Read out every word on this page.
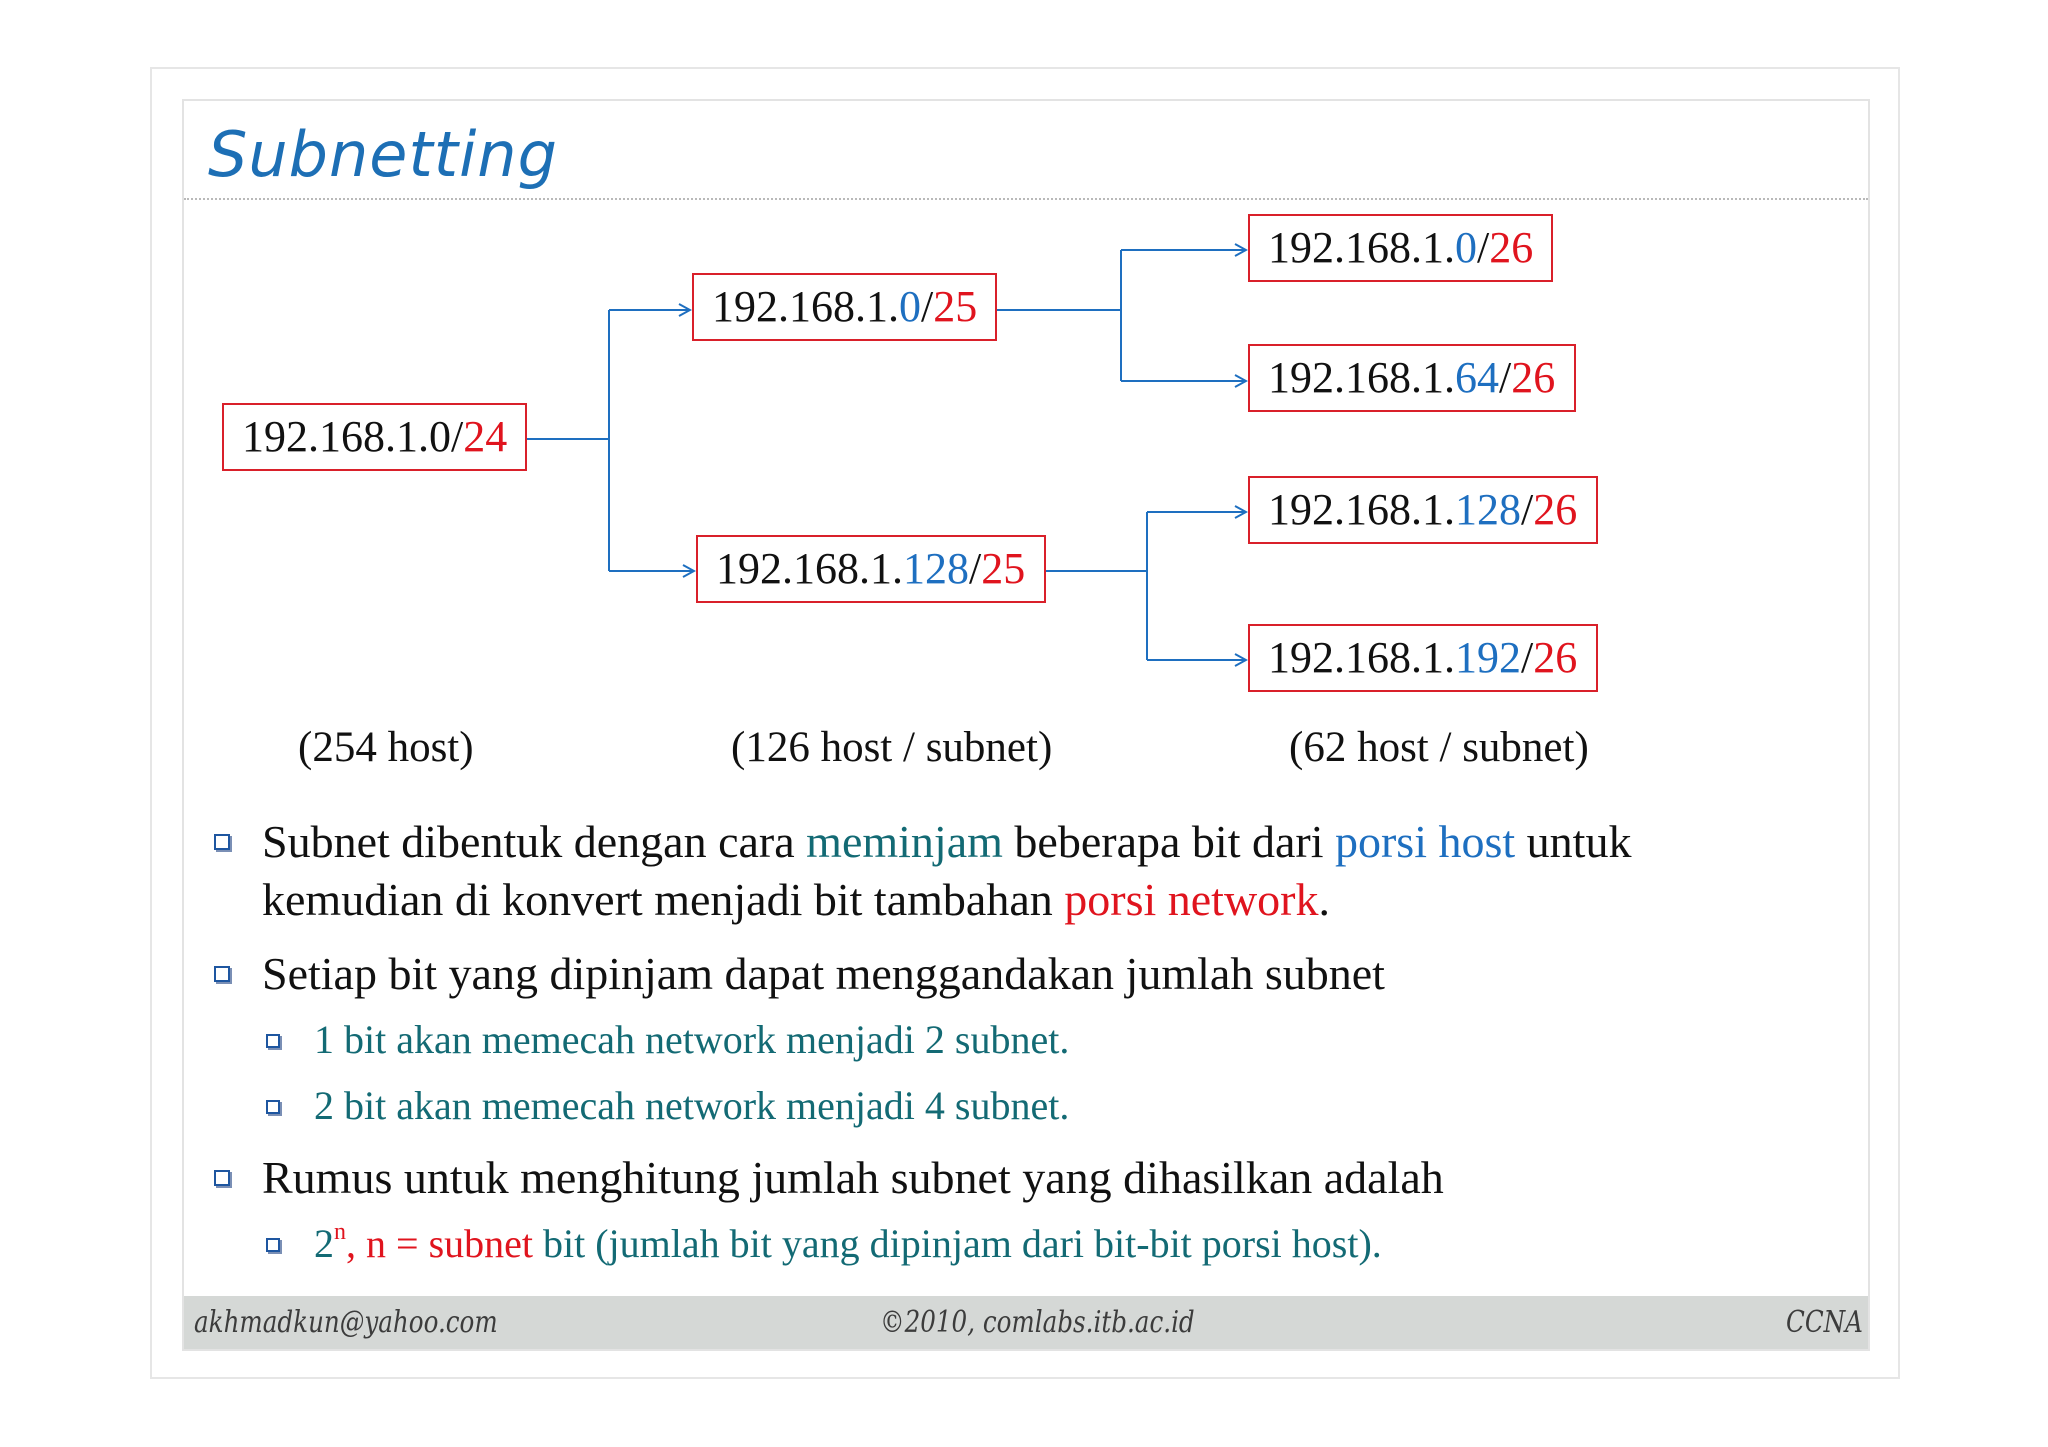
Subnetting
192.168.1.0/24
192.168.1.0/25
192.168.1.128/25
192.168.1.0/26
192.168.1.64/26
192.168.1.128/26
192.168.1.192/26
(254 host)	(126 host / subnet)	(62 host / subnet)
Subnet dibentuk dengan cara meminjam beberapa bit dari porsi host untuk
kemudian di konvert menjadi bit tambahan porsi network.
Setiap bit yang dipinjam dapat menggandakan jumlah subnet
1 bit akan memecah network menjadi 2 subnet.
2 bit akan memecah network menjadi 4 subnet.
Rumus untuk menghitung jumlah subnet yang dihasilkan adalah
2$^n$, n = subnet bit (jumlah bit yang dipinjam dari bit-bit porsi host).
akhmadkun@yahoo.com	©2010, comlabs.itb.ac.id	CCNA
